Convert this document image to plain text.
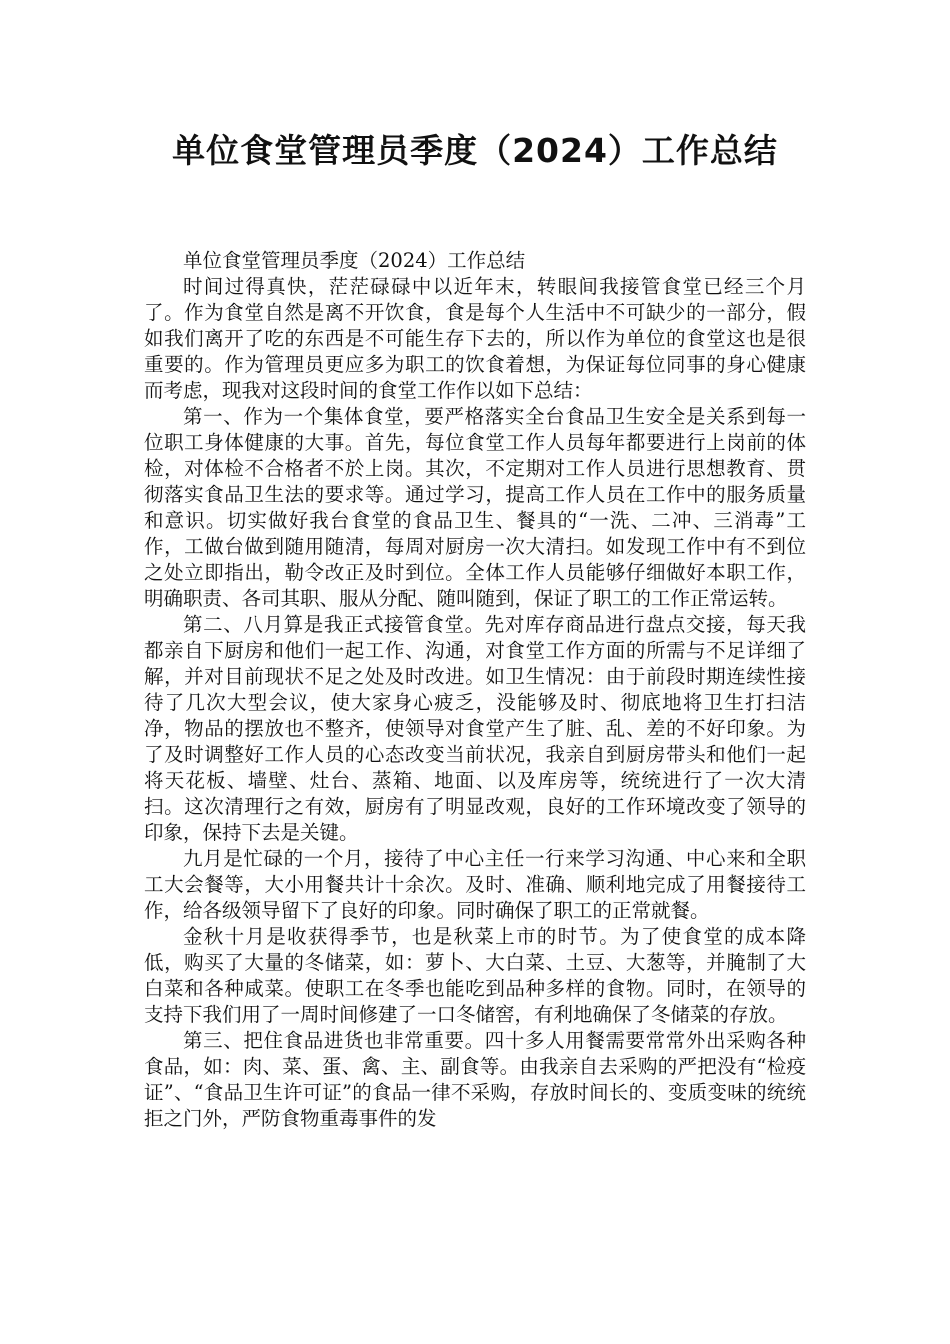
单位食堂管理员季度（2024）工作总结

单位食堂管理员季度（2024）工作总结

时间过得真快，茫茫碌碌中以近年末，转眼间我接管食堂已经三个月了。作为食堂自然是离不开饮食，食是每个人生活中不可缺少的一部分，假如我们离开了吃的东西是不可能生存下去的，所以作为单位的食堂这也是很重要的。作为管理员更应多为职工的饮食着想，为保证每位同事的身心健康而考虑，现我对这段时间的食堂工作作以如下总结：

第一、作为一个集体食堂，要严格落实全台食品卫生安全是关系到每一位职工身体健康的大事。首先，每位食堂工作人员每年都要进行上岗前的体检，对体检不合格者不於上岗。其次，不定期对工作人员进行思想教育、贯彻落实食品卫生法的要求等。通过学习，提高工作人员在工作中的服务质量和意识。切实做好我台食堂的食品卫生、餐具的“一洗、二冲、三消毒”工作，工做台做到随用随清，每周对厨房一次大清扫。如发现工作中有不到位之处立即指出，勒令改正及时到位。全体工作人员能够仔细做好本职工作，明确职责、各司其职、服从分配、随叫随到，保证了职工的工作正常运转。

第二、八月算是我正式接管食堂。先对库存商品进行盘点交接，每天我都亲自下厨房和他们一起工作、沟通，对食堂工作方面的所需与不足详细了解，并对目前现状不足之处及时改进。如卫生情况：由于前段时期连续性接待了几次大型会议，使大家身心疲乏，没能够及时、彻底地将卫生打扫洁净，物品的摆放也不整齐，使领导对食堂产生了脏、乱、差的不好印象。为了及时调整好工作人员的心态改变当前状况，我亲自到厨房带头和他们一起将天花板、墙壁、灶台、蒸箱、地面、以及库房等，统统进行了一次大清扫。这次清理行之有效，厨房有了明显改观，良好的工作环境改变了领导的印象，保持下去是关键。

九月是忙碌的一个月，接待了中心主任一行来学习沟通、中心来和全职工大会餐等，大小用餐共计十余次。及时、准确、顺利地完成了用餐接待工作，给各级领导留下了良好的印象。同时确保了职工的正常就餐。

金秋十月是收获得季节，也是秋菜上市的时节。为了使食堂的成本降低，购买了大量的冬储菜，如：萝卜、大白菜、土豆、大葱等，并腌制了大白菜和各种咸菜。使职工在冬季也能吃到品种多样的食物。同时，在领导的支持下我们用了一周时间修建了一口冬储窖，有利地确保了冬储菜的存放。

第三、把住食品进货也非常重要。四十多人用餐需要常常外出采购各种食品，如：肉、菜、蛋、禽、主、副食等。由我亲自去采购的严把没有“检疫证”、“食品卫生许可证”的食品一律不采购，存放时间长的、变质变味的统统拒之门外，严防食物重毒事件的发
